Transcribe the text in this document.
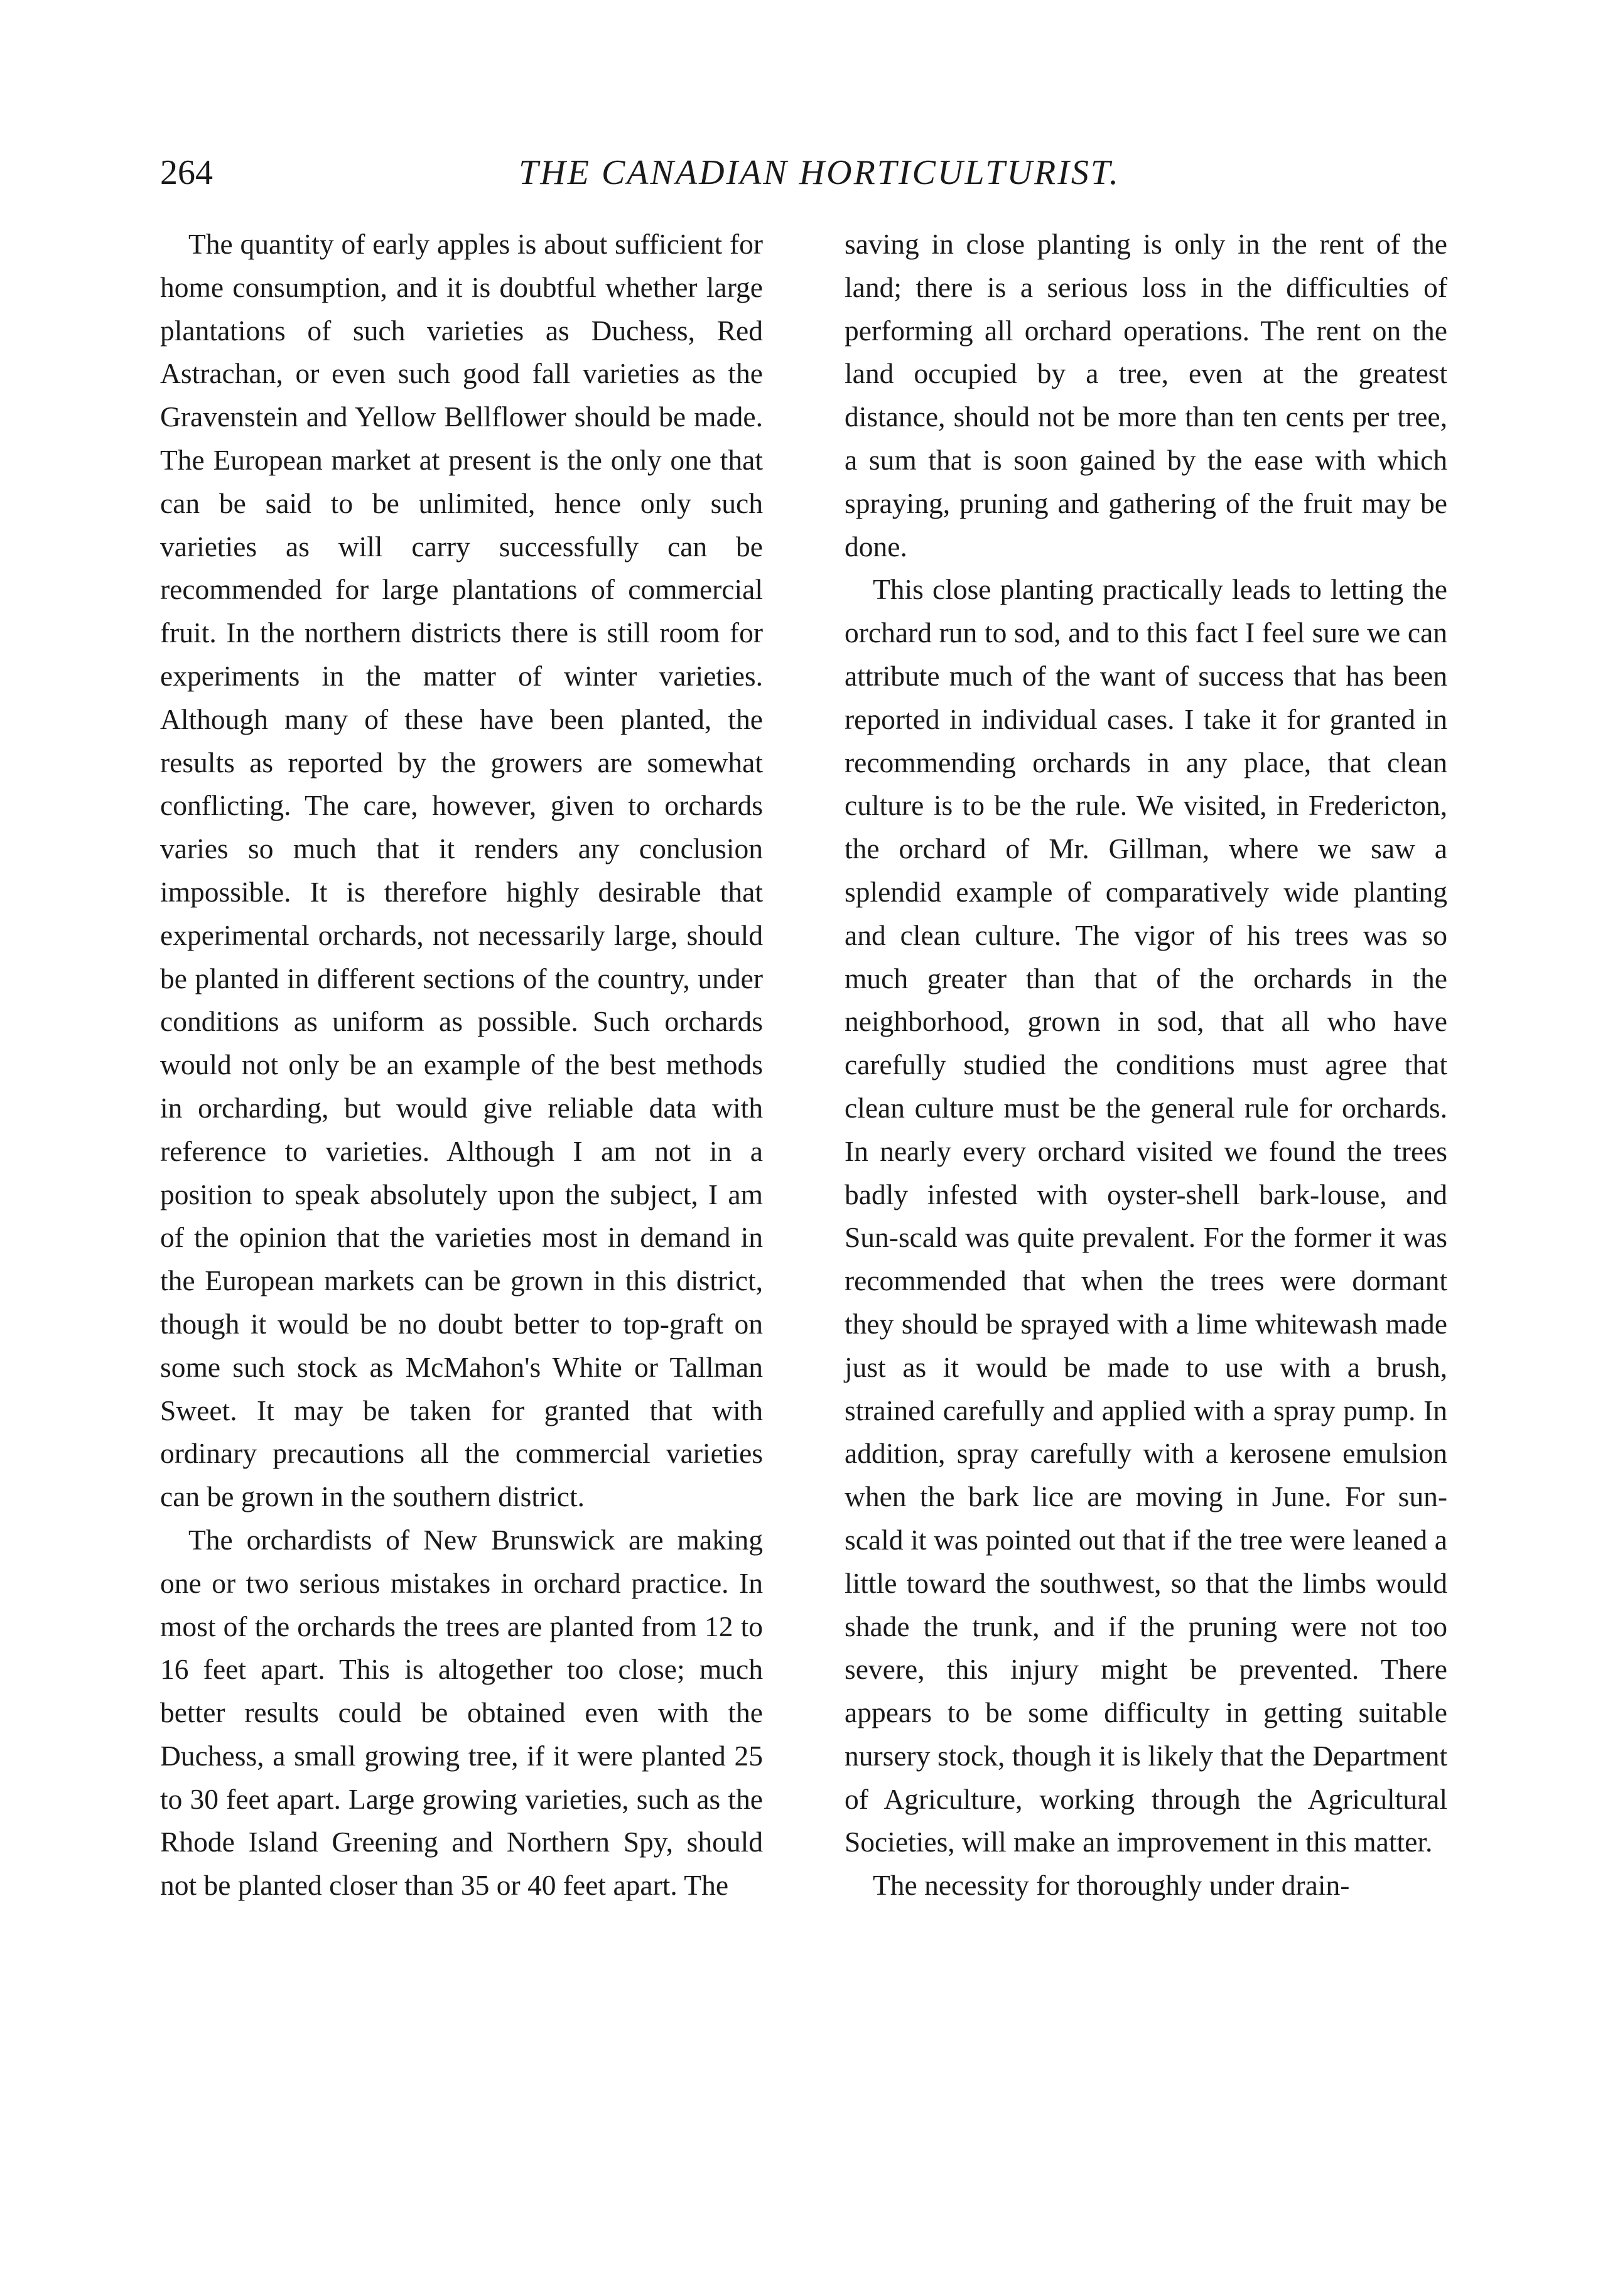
264	THE CANADIAN HORTICULTURIST.

The quantity of early apples is about sufficient for home consumption, and it is doubtful whether large plantations of such varieties as Duchess, Red Astrachan, or even such good fall varieties as the Gravenstein and Yellow Bellflower should be made. The European market at present is the only one that can be said to be unlimited, hence only such varieties as will carry successfully can be recommended for large plantations of commercial fruit. In the northern districts there is still room for experiments in the matter of winter varieties. Although many of these have been planted, the results as reported by the growers are somewhat conflicting. The care, however, given to orchards varies so much that it renders any conclusion impossible. It is therefore highly desirable that experimental orchards, not necessarily large, should be planted in different sections of the country, under conditions as uniform as possible. Such orchards would not only be an example of the best methods in orcharding, but would give reliable data with reference to varieties. Although I am not in a position to speak absolutely upon the subject, I am of the opinion that the varieties most in demand in the European markets can be grown in this district, though it would be no doubt better to top-graft on some such stock as McMahon's White or Tallman Sweet. It may be taken for granted that with ordinary precautions all the commercial varieties can be grown in the southern district.

The orchardists of New Brunswick are making one or two serious mistakes in orchard practice. In most of the orchards the trees are planted from 12 to 16 feet apart. This is altogether too close; much better results could be obtained even with the Duchess, a small growing tree, if it were planted 25 to 30 feet apart. Large growing varieties, such as the Rhode Island Greening and Northern Spy, should not be planted closer than 35 or 40 feet apart. The

saving in close planting is only in the rent of the land; there is a serious loss in the difficulties of performing all orchard operations. The rent on the land occupied by a tree, even at the greatest distance, should not be more than ten cents per tree, a sum that is soon gained by the ease with which spraying, pruning and gathering of the fruit may be done.

This close planting practically leads to letting the orchard run to sod, and to this fact I feel sure we can attribute much of the want of success that has been reported in individual cases. I take it for granted in recommending orchards in any place, that clean culture is to be the rule. We visited, in Fredericton, the orchard of Mr. Gillman, where we saw a splendid example of comparatively wide planting and clean culture. The vigor of his trees was so much greater than that of the orchards in the neighborhood, grown in sod, that all who have carefully studied the conditions must agree that clean culture must be the general rule for orchards. In nearly every orchard visited we found the trees badly infested with oyster-shell bark-louse, and Sun-scald was quite prevalent. For the former it was recommended that when the trees were dormant they should be sprayed with a lime whitewash made just as it would be made to use with a brush, strained carefully and applied with a spray pump. In addition, spray carefully with a kerosene emulsion when the bark lice are moving in June. For sun-scald it was pointed out that if the tree were leaned a little toward the southwest, so that the limbs would shade the trunk, and if the pruning were not too severe, this injury might be prevented. There appears to be some difficulty in getting suitable nursery stock, though it is likely that the Department of Agriculture, working through the Agricultural Societies, will make an improvement in this matter.

The necessity for thoroughly under drain-
